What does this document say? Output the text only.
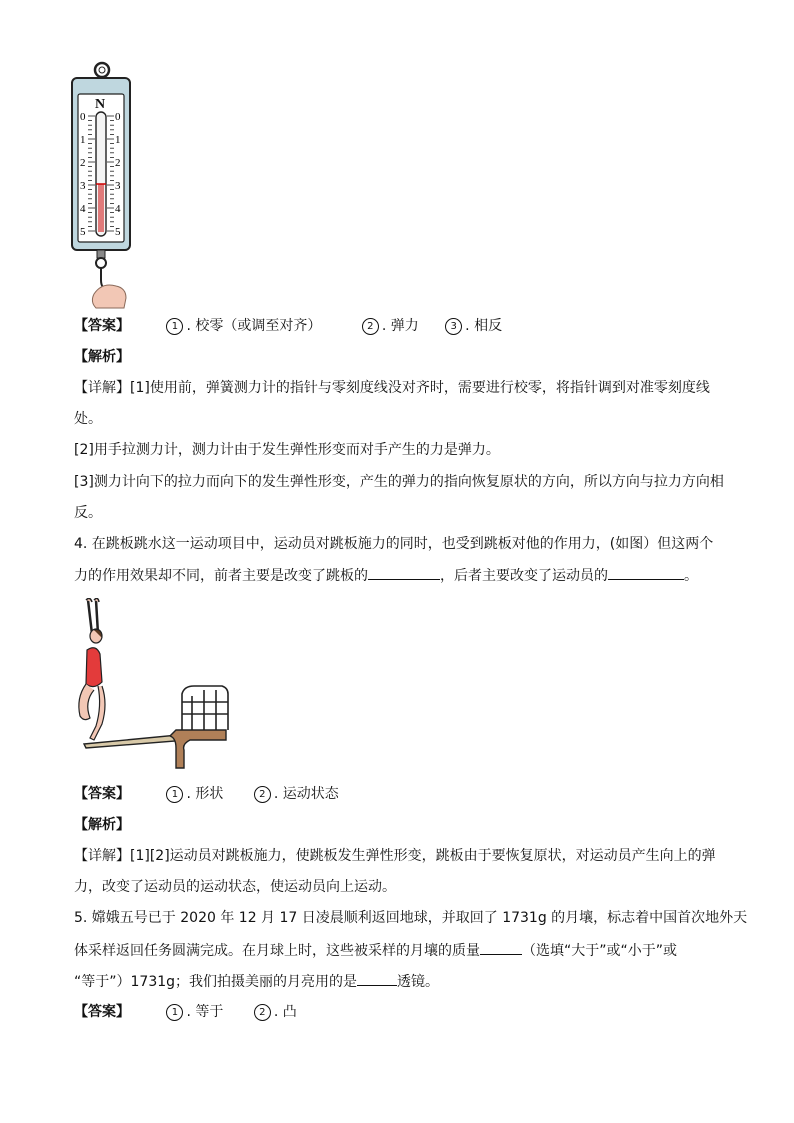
N
0	0
1	1
2	2
3	3
4	4
5	5
【答案】	1 . 校零（或调至对齐）	2 . 弹力	3 . 相反
【解析】
【详解】[1]使用前，弹簧测力计的指针与零刻度线没对齐时，需要进行校零，将指针调到对准零刻度线
处。
[2]用手拉测力计，测力计由于发生弹性形变而对手产生的力是弹力。
[3]测力计向下的拉力而向下的发生弹性形变，产生的弹力的指向恢复原状的方向，所以方向与拉力方向相
反。
4. 在跳板跳水这一运动项目中，运动员对跳板施力的同时，也受到跳板对他的作用力，(如图）但这两个
力的作用效果却不同，前者主要是改变了跳板的	，后者主要改变了运动员的	。
【答案】	1 . 形状	2 . 运动状态
【解析】
【详解】[1][2]运动员对跳板施力，使跳板发生弹性形变，跳板由于要恢复原状，对运动员产生向上的弹
力，改变了运动员的运动状态，使运动员向上运动。
5. 嫦娥五号已于 2020 年 12 月 17 日凌晨顺利返回地球，并取回了 1731g 的月壤，标志着中国首次地外天
体采样返回任务圆满完成。在月球上时，这些被采样的月壤的质量	（选填“大于”或“小于”或
“等于”）1731g；我们拍摄美丽的月亮用的是	透镜。
【答案】	1 . 等于	2 . 凸
